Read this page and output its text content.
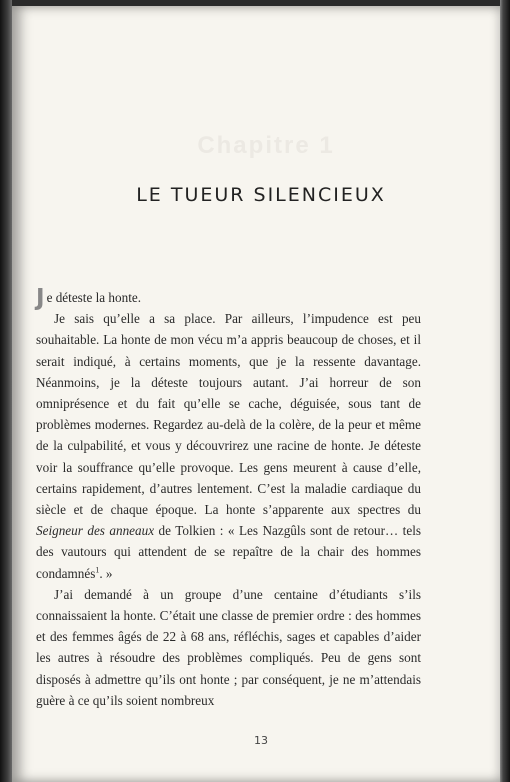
Chapitre 1
LE TUEUR SILENCIEUX

Je déteste la honte.

Je sais qu’elle a sa place. Par ailleurs, l’impudence est peu souhaitable. La honte de mon vécu m’a appris beaucoup de choses, et il serait indiqué, à certains moments, que je la ressente davantage. Néanmoins, je la déteste toujours autant. J’ai horreur de son omniprésence et du fait qu’elle se cache, déguisée, sous tant de problèmes modernes. Regardez au-delà de la colère, de la peur et même de la culpabilité, et vous y découvrirez une racine de honte. Je déteste voir la souffrance qu’elle provoque. Les gens meurent à cause d’elle, certains rapidement, d’autres lentement. C’est la maladie cardiaque du siècle et de chaque époque. La honte s’apparente aux spectres du Seigneur des anneaux de Tolkien : « Les Nazgûls sont de retour… tels des vautours qui attendent de se repaître de la chair des hommes condamnés$^1$. »

J’ai demandé à un groupe d’une centaine d’étudiants s’ils connaissaient la honte. C’était une classe de premier ordre : des hommes et des femmes âgés de 22 à 68 ans, réfléchis, sages et capables d’aider les autres à résoudre des problèmes compliqués. Peu de gens sont disposés à admettre qu’ils ont honte ; par conséquent, je ne m’attendais guère à ce qu’ils soient nombreux

13
